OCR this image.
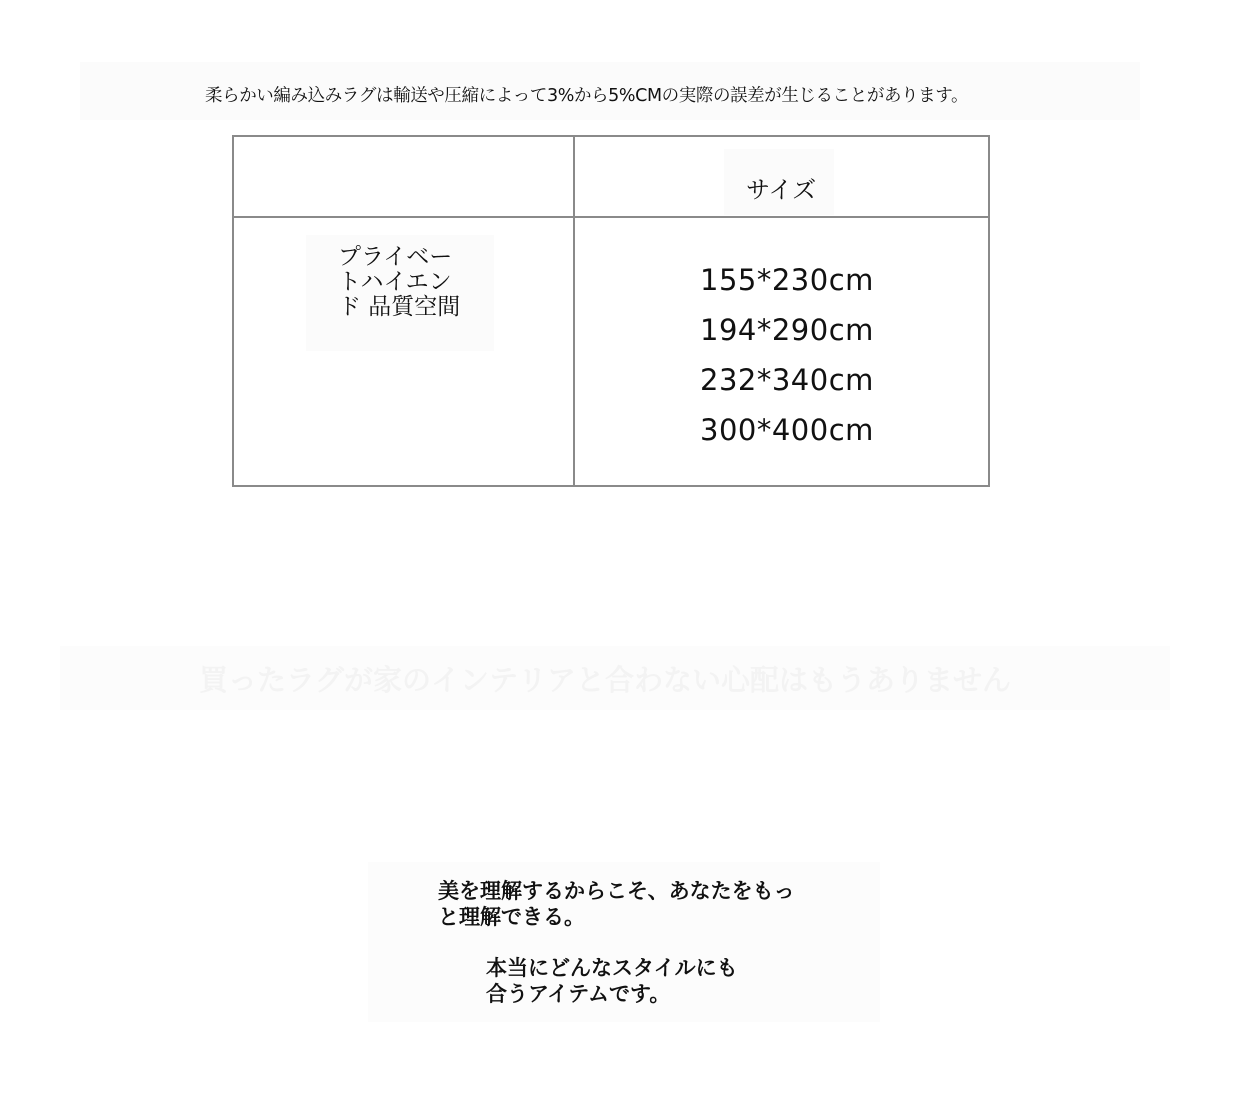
柔らかい編み込みラグは輸送や圧縮によって3%から5%CMの実際の誤差が生じることがあります。
サイズ
プライベートハイエンド 品質空間
155*230cm
194*290cm
232*340cm
300*400cm
買ったラグが家のインテリアと合わない心配はもうありません
美を理解するからこそ、あなたをもっと理解できる。
本当にどんなスタイルにも合うアイテムです。
